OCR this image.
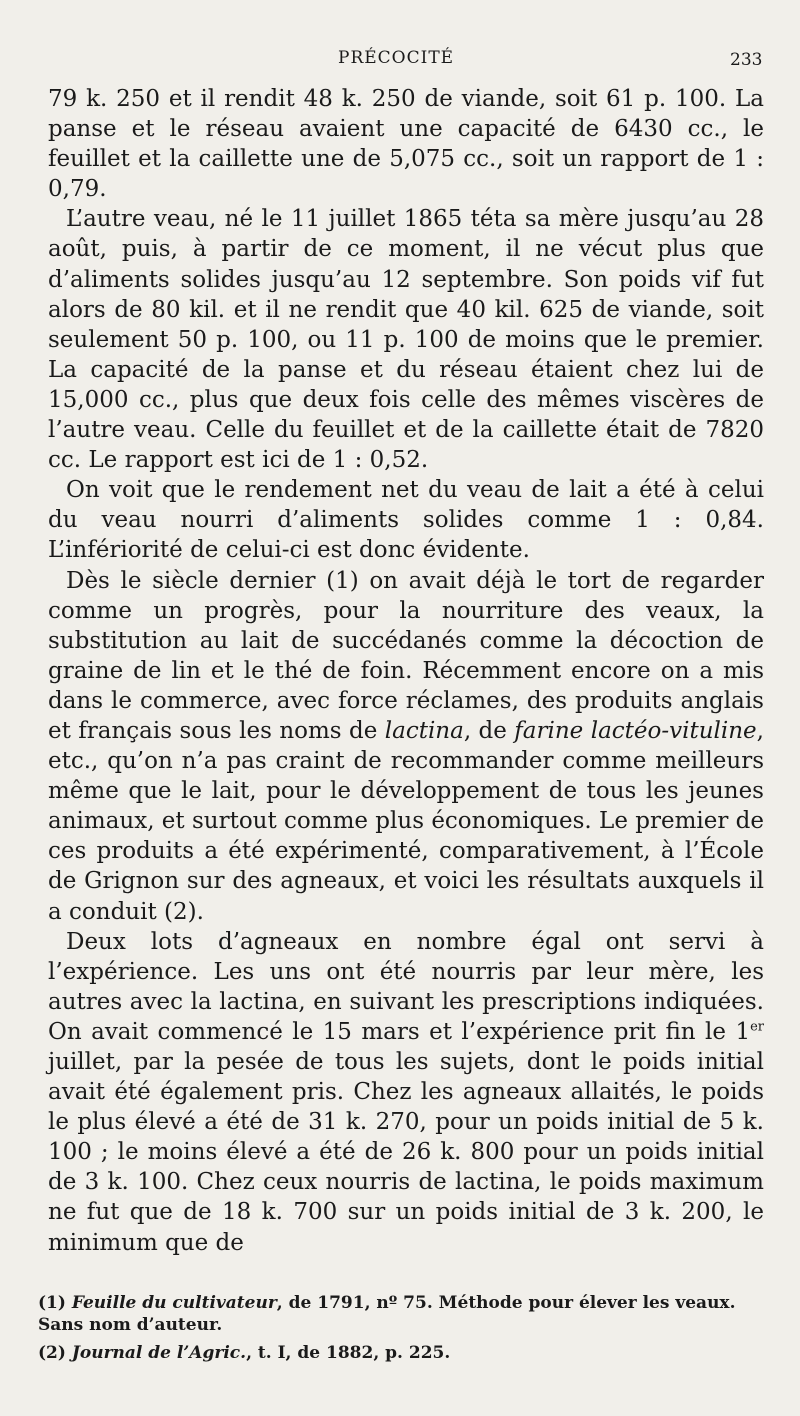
PRÉCOCITÉ	233

79 k. 250 et il rendit 48 k. 250 de viande, soit 61 p. 100. La panse et le réseau avaient une capacité de 6430 cc., le feuillet et la caillette une de 5,075 cc., soit un rapport de 1 : 0,79.

L’autre veau, né le 11 juillet 1865 téta sa mère jusqu’au 28 août, puis, à partir de ce moment, il ne vécut plus que d’aliments solides jusqu’au 12 septembre. Son poids vif fut alors de 80 kil. et il ne rendit que 40 kil. 625 de viande, soit seulement 50 p. 100, ou 11 p. 100 de moins que le premier. La capacité de la panse et du réseau étaient chez lui de 15,000 cc., plus que deux fois celle des mêmes viscères de l’autre veau. Celle du feuillet et de la caillette était de 7820 cc. Le rapport est ici de 1 : 0,52.

On voit que le rendement net du veau de lait a été à celui du veau nourri d’aliments solides comme 1 : 0,84. L’infériorité de celui-ci est donc évidente.

Dès le siècle dernier (1) on avait déjà le tort de regarder comme un progrès, pour la nourriture des veaux, la substitution au lait de succédanés comme la décoction de graine de lin et le thé de foin. Récemment encore on a mis dans le commerce, avec force réclames, des produits anglais et français sous les noms de lactina, de farine lactéo-vituline, etc., qu’on n’a pas craint de recommander comme meilleurs même que le lait, pour le développement de tous les jeunes animaux, et surtout comme plus économiques. Le premier de ces produits a été expérimenté, comparativement, à l’École de Grignon sur des agneaux, et voici les résultats auxquels il a conduit (2).

Deux lots d’agneaux en nombre égal ont servi à l’expérience. Les uns ont été nourris par leur mère, les autres avec la lactina, en suivant les prescriptions indiquées. On avait commencé le 15 mars et l’expérience prit fin le 1er juillet, par la pesée de tous les sujets, dont le poids initial avait été également pris. Chez les agneaux allaités, le poids le plus élevé a été de 31 k. 270, pour un poids initial de 5 k. 100 ; le moins élevé a été de 26 k. 800 pour un poids initial de 3 k. 100. Chez ceux nourris de lactina, le poids maximum ne fut que de 18 k. 700 sur un poids initial de 3 k. 200, le minimum que de

(1) Feuille du cultivateur, de 1791, nº 75. Méthode pour élever les veaux. Sans nom d’auteur.

(2) Journal de l’Agric., t. I, de 1882, p. 225.
